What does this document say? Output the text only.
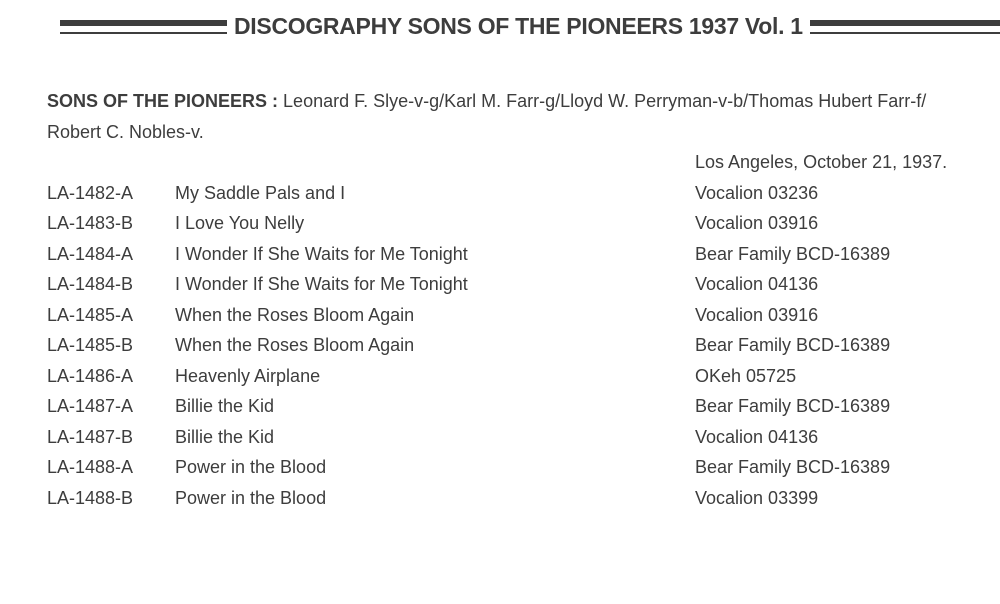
DISCOGRAPHY SONS OF THE PIONEERS 1937 Vol. 1
SONS OF THE PIONEERS : Leonard F. Slye-v-g/Karl M. Farr-g/Lloyd W. Perryman-v-b/Thomas Hubert Farr-f/
Robert C. Nobles-v.
Los Angeles, October 21, 1937.
LA-1482-A	My Saddle Pals and I	Vocalion 03236
LA-1483-B	I Love You Nelly	Vocalion 03916
LA-1484-A	I Wonder If She Waits for Me Tonight	Bear Family BCD-16389
LA-1484-B	I Wonder If She Waits for Me Tonight	Vocalion 04136
LA-1485-A	When the Roses Bloom Again	Vocalion 03916
LA-1485-B	When the Roses Bloom Again	Bear Family BCD-16389
LA-1486-A	Heavenly Airplane	OKeh 05725
LA-1487-A	Billie the Kid	Bear Family BCD-16389
LA-1487-B	Billie the Kid	Vocalion 04136
LA-1488-A	Power in the Blood	Bear Family BCD-16389
LA-1488-B	Power in the Blood	Vocalion 03399
